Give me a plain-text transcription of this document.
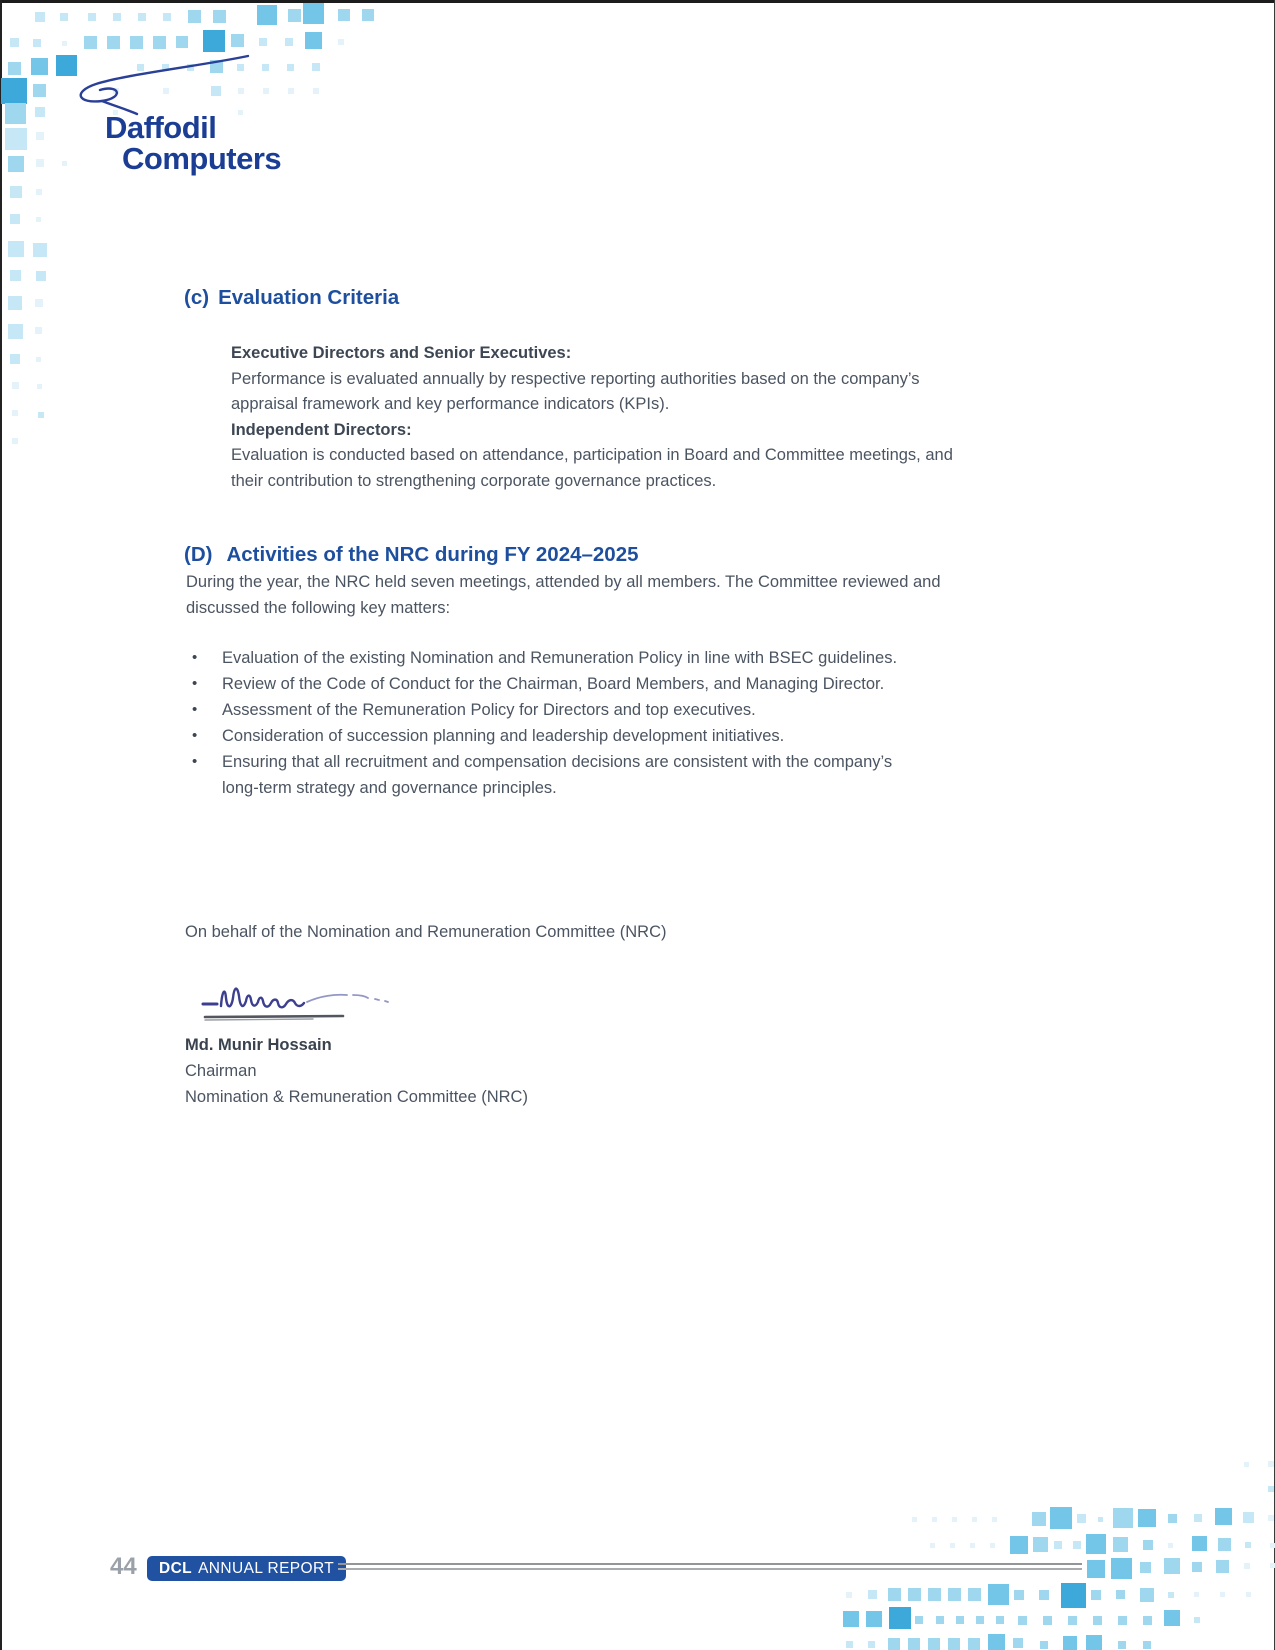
Daffodil
Computers
(c) Evaluation Criteria
Executive Directors and Senior Executives:
Performance is evaluated annually by respective reporting authorities based on the company’s
appraisal framework and key performance indicators (KPIs).
Independent Directors:
Evaluation is conducted based on attendance, participation in Board and Committee meetings, and
their contribution to strengthening corporate governance practices.
(D) Activities of the NRC during FY 2024–2025
During the year, the NRC held seven meetings, attended by all members. The Committee reviewed and
discussed the following key matters:
• Evaluation of the existing Nomination and Remuneration Policy in line with BSEC guidelines.
• Review of the Code of Conduct for the Chairman, Board Members, and Managing Director.
• Assessment of the Remuneration Policy for Directors and top executives.
• Consideration of succession planning and leadership development initiatives.
• Ensuring that all recruitment and compensation decisions are consistent with the company’s
long-term strategy and governance principles.
On behalf of the Nomination and Remuneration Committee (NRC)
Md. Munir Hossain
Chairman
Nomination & Remuneration Committee (NRC)
44 DCL ANNUAL REPORT
